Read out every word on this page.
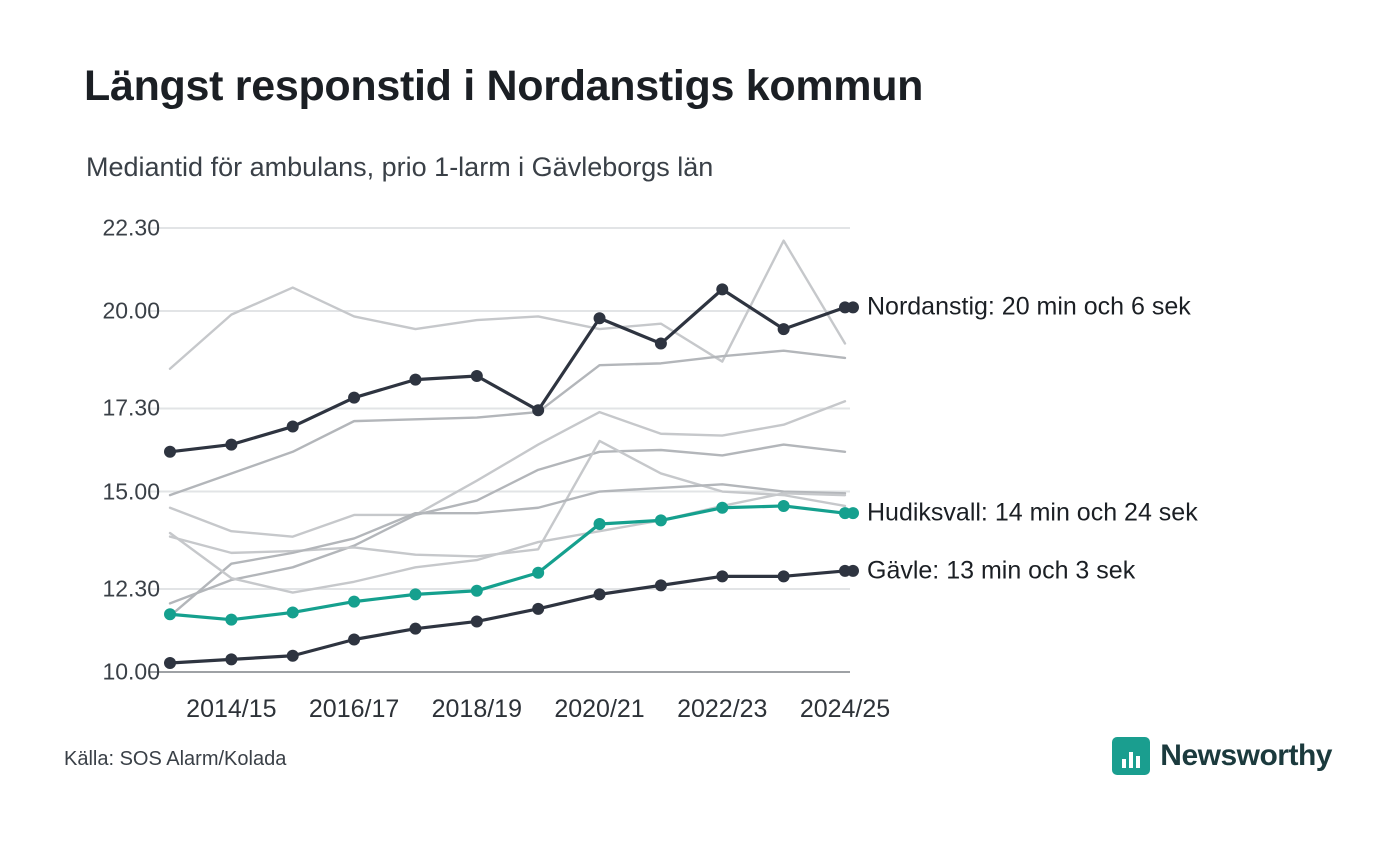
Längst responstid i Nordanstigs kommun
Mediantid för ambulans, prio 1-larm i Gävleborgs län
10.00
12.30
15.00
17.30
20.00
22.30
2014/15 2016/17 2018/19 2020/21 2022/23 2024/25
Nordanstig: 20 min och 6 sek
Hudiksvall: 14 min och 24 sek
Gävle: 13 min och 3 sek
Källa: SOS Alarm/Kolada	Newsworthy
